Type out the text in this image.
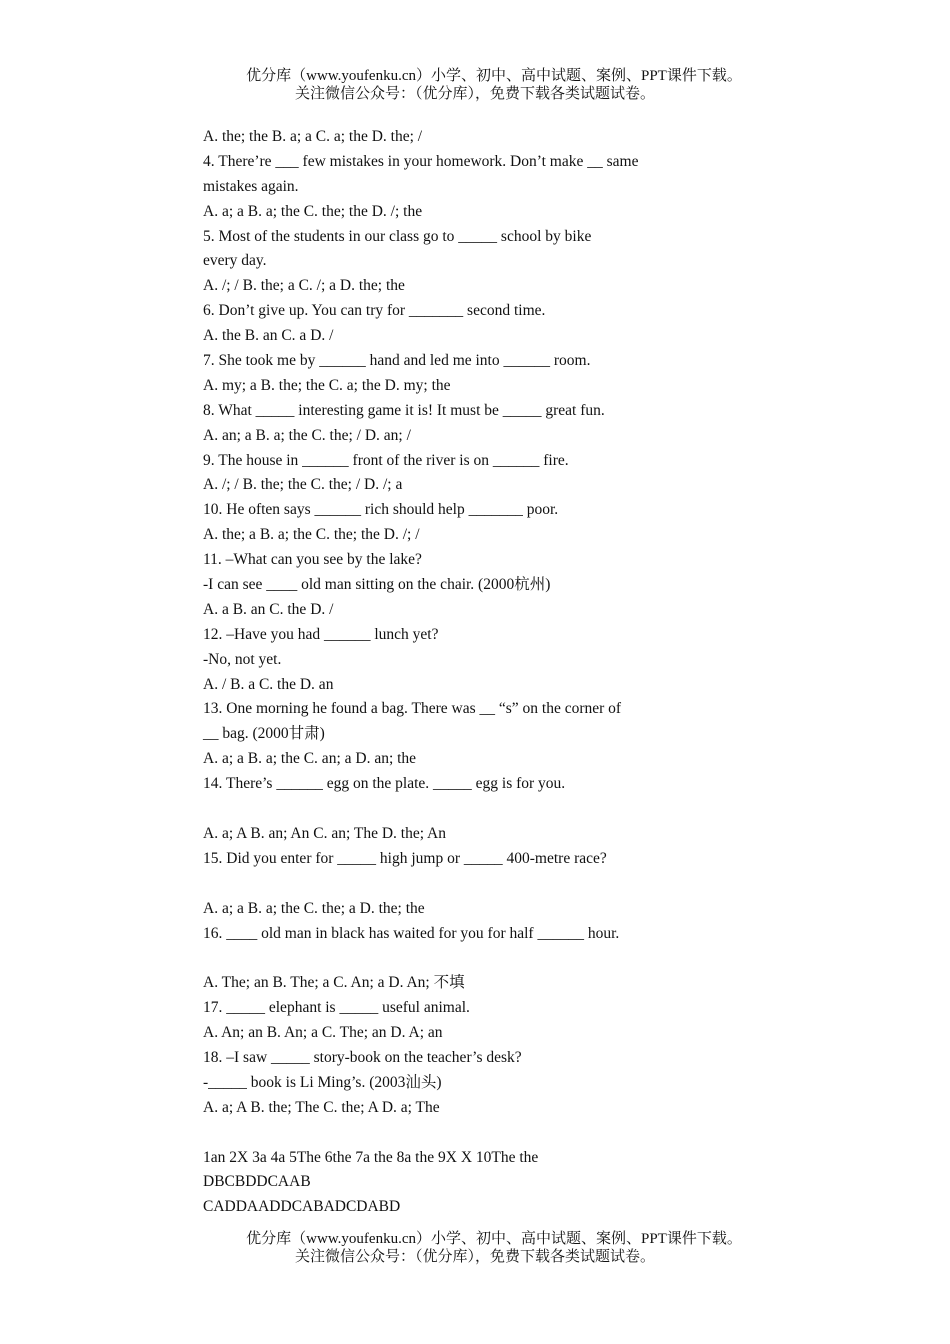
优分库（www.youfenku.cn）小学、初中、高中试题、案例、PPT课件下载。
关注微信公众号：（优分库），免费下载各类试题试卷。
A. the; the B. a; a C. a; the D. the; /
4. There’re ___ few mistakes in your homework. Don’t make __ same
mistakes again.
A. a; a B. a; the C. the; the D. /; the
5. Most of the students in our class go to _____ school by bike
every day.
A. /; / B. the; a C. /; a D. the; the
6. Don’t give up. You can try for _______ second time.
A. the B. an C. a D. /
7. She took me by ______ hand and led me into ______ room.
A. my; a B. the; the C. a; the D. my; the
8. What _____ interesting game it is! It must be _____ great fun.
A. an; a B. a; the C. the; / D. an; /
9. The house in ______ front of the river is on ______ fire.
A. /; / B. the; the C. the; / D. /; a
10. He often says ______ rich should help _______ poor.
A. the; a B. a; the C. the; the D. /; /
11. –What can you see by the lake?
-I can see ____ old man sitting on the chair. (2000杭州)
A. a B. an C. the D. /
12. –Have you had ______ lunch yet?
-No, not yet.
A. / B. a C. the D. an
13. One morning he found a bag. There was __ “s” on the corner of
__ bag. (2000甘肃)
A. a; a B. a; the C. an; a D. an; the
14. There’s ______ egg on the plate. _____ egg is for you.
A. a; A B. an; An C. an; The D. the; An
15. Did you enter for _____ high jump or _____ 400-metre race?
A. a; a B. a; the C. the; a D. the; the
16. ____ old man in black has waited for you for half ______ hour.
A. The; an B. The; a C. An; a D. An; 不填
17. _____ elephant is _____ useful animal.
A. An; an B. An; a C. The; an D. A; an
18. –I saw _____ story-book on the teacher’s desk?
-_____ book is Li Ming’s. (2003汕头)
A. a; A B. the; The C. the; A D. a; The
1an 2X 3a 4a 5The 6the 7a the 8a the 9X X 10The the
DBCBDDCAAB
CADDAADDCABADCDABD
优分库（www.youfenku.cn）小学、初中、高中试题、案例、PPT课件下载。
关注微信公众号：（优分库），免费下载各类试题试卷。
